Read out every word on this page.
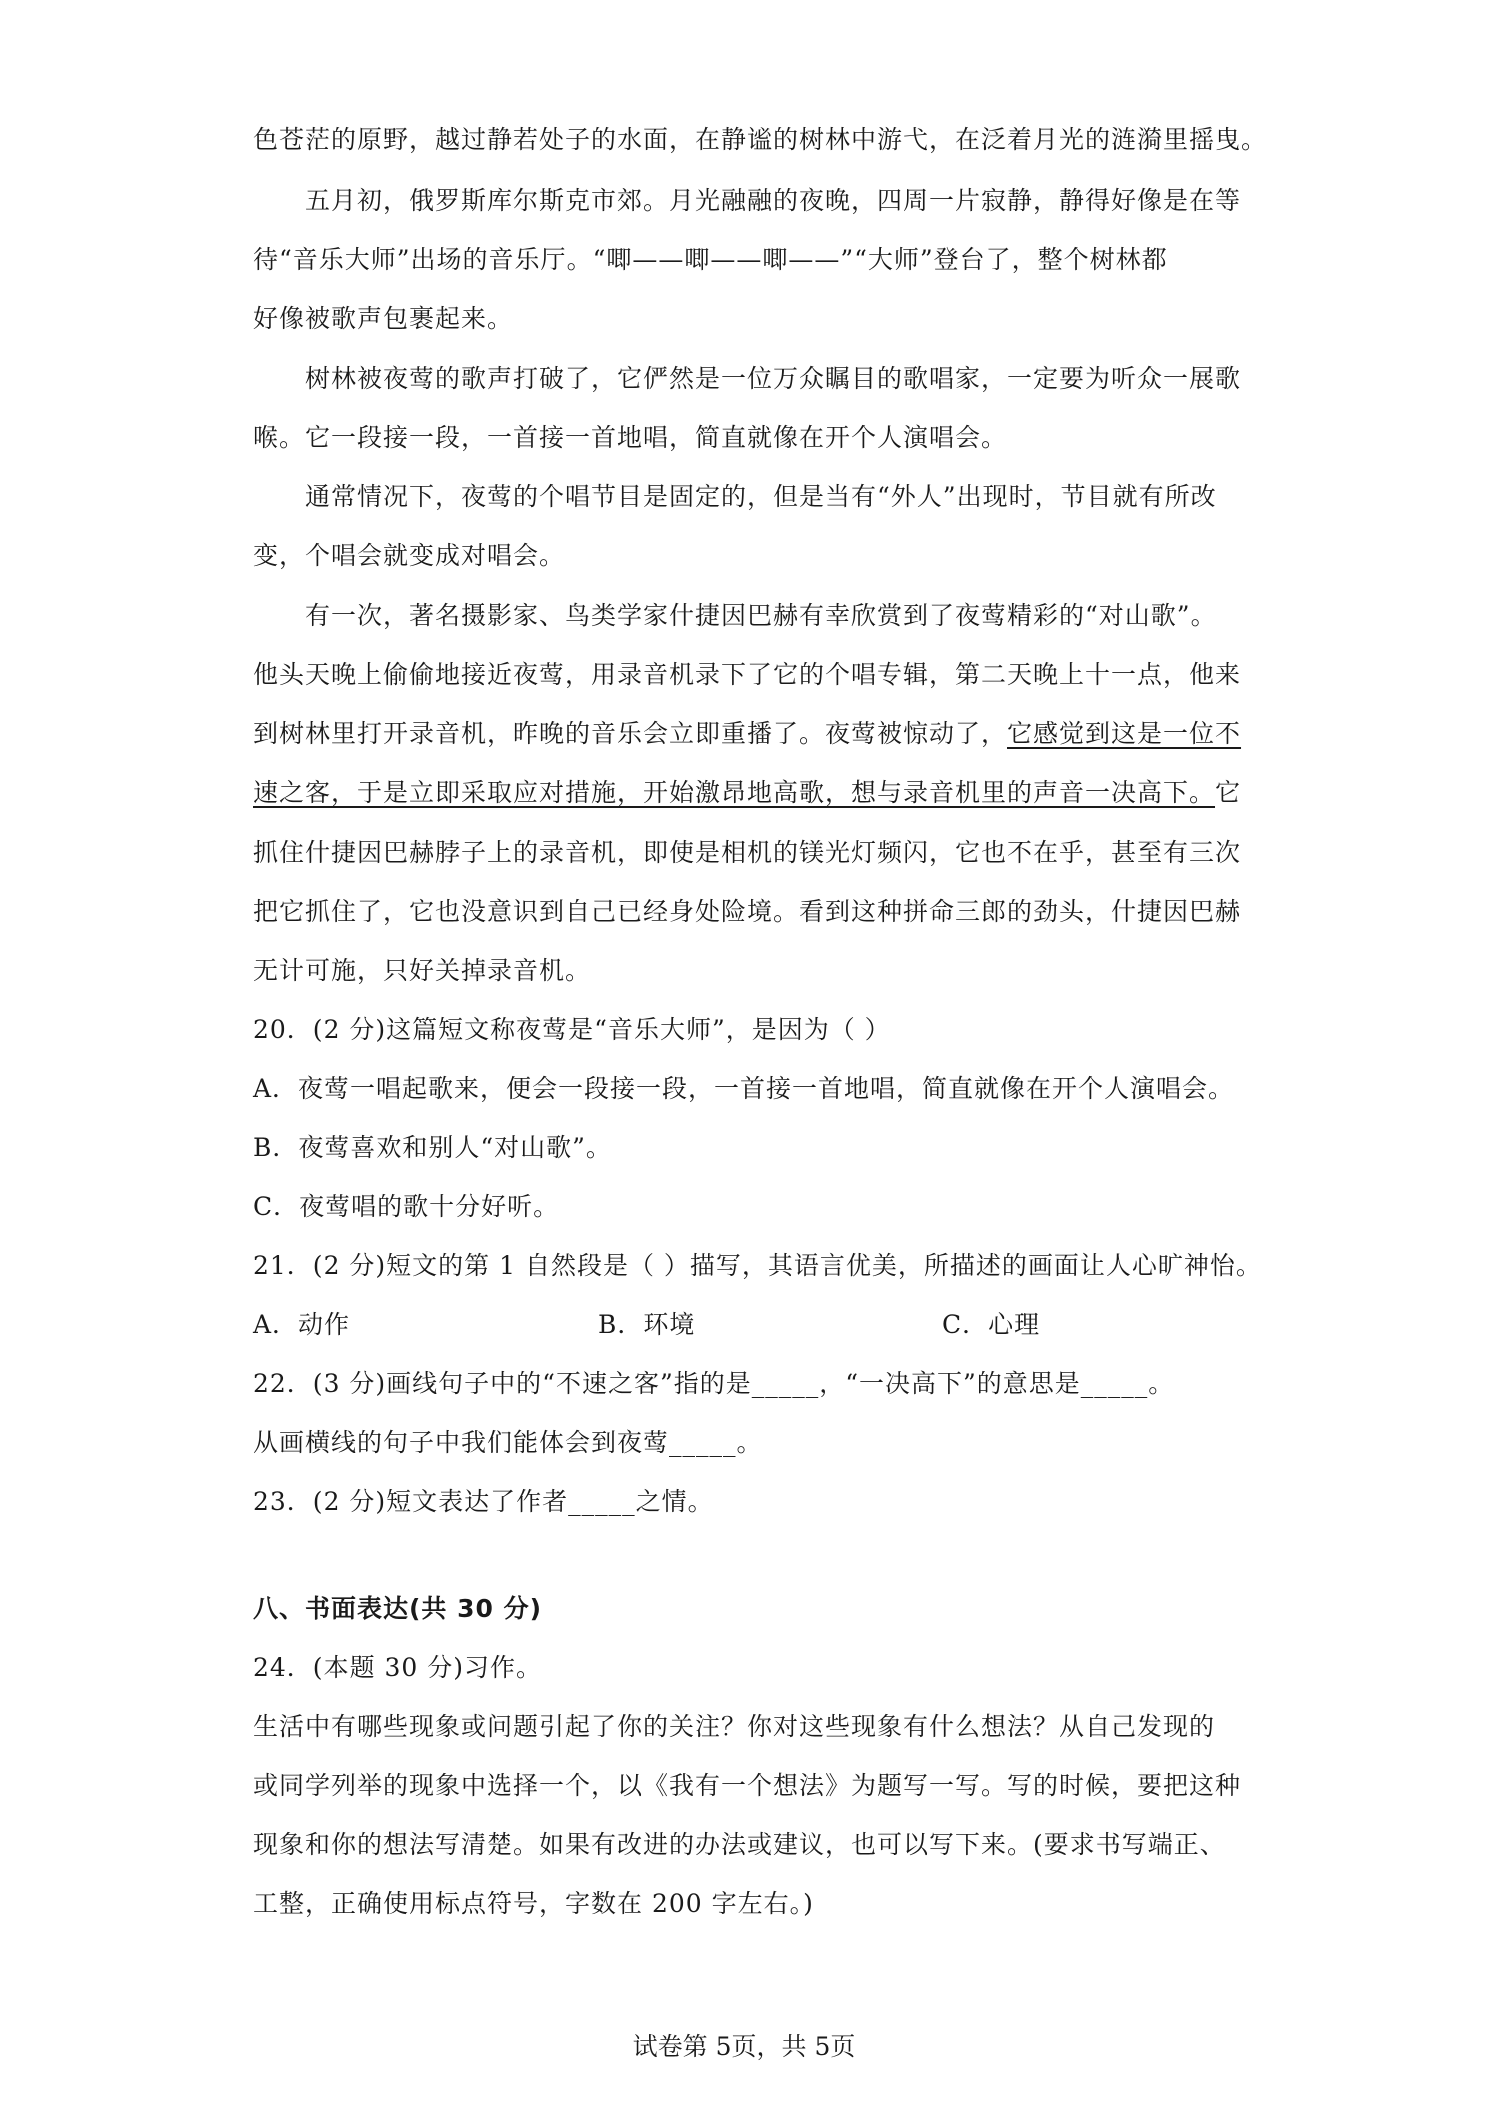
色苍茫的原野，越过静若处子的水面，在静谧的树林中游弋，在泛着月光的涟漪里摇曳。
五月初，俄罗斯库尔斯克市郊。月光融融的夜晚，四周一片寂静，静得好像是在等
待“音乐大师”出场的音乐厅。“唧——唧——唧——”“大师”登台了，整个树林都
好像被歌声包裹起来。
树林被夜莺的歌声打破了，它俨然是一位万众瞩目的歌唱家，一定要为听众一展歌
喉。它一段接一段，一首接一首地唱，简直就像在开个人演唱会。
通常情况下，夜莺的个唱节目是固定的，但是当有“外人”出现时，节目就有所改
变，个唱会就变成对唱会。
有一次，著名摄影家、鸟类学家什捷因巴赫有幸欣赏到了夜莺精彩的“对山歌”。
他头天晚上偷偷地接近夜莺，用录音机录下了它的个唱专辑，第二天晚上十一点，他来
到树林里打开录音机，昨晚的音乐会立即重播了。夜莺被惊动了，它感觉到这是一位不
速之客，于是立即采取应对措施，开始激昂地高歌，想与录音机里的声音一决高下。它
抓住什捷因巴赫脖子上的录音机，即使是相机的镁光灯频闪，它也不在乎，甚至有三次
把它抓住了，它也没意识到自己已经身处险境。看到这种拼命三郎的劲头，什捷因巴赫
无计可施，只好关掉录音机。
20．(2 分)这篇短文称夜莺是“音乐大师”，是因为（ ）
A．夜莺一唱起歌来，便会一段接一段，一首接一首地唱，简直就像在开个人演唱会。
B．夜莺喜欢和别人“对山歌”。
C．夜莺唱的歌十分好听。
21．(2 分)短文的第 1 自然段是（ ）描写，其语言优美，所描述的画面让人心旷神怡。
A．动作	B．环境	C．心理
22．(3 分)画线句子中的“不速之客”指的是_____，“一决高下”的意思是_____。
从画横线的句子中我们能体会到夜莺_____。
23．(2 分)短文表达了作者_____之情。
八、书面表达(共 30 分)
24．(本题 30 分)习作。
生活中有哪些现象或问题引起了你的关注？你对这些现象有什么想法？从自己发现的
或同学列举的现象中选择一个，以《我有一个想法》为题写一写。写的时候，要把这种
现象和你的想法写清楚。如果有改进的办法或建议，也可以写下来。(要求书写端正、
工整，正确使用标点符号，字数在 200 字左右。)
试卷第 5页，共 5页
